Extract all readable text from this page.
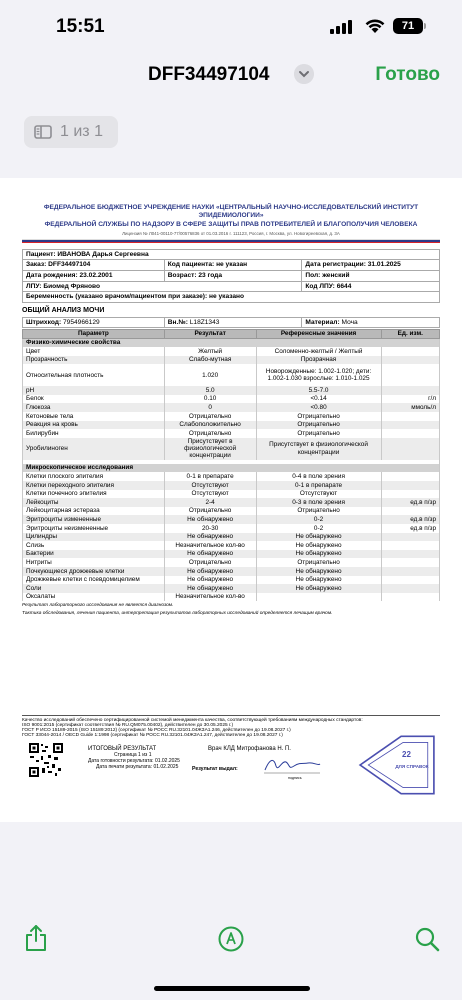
15:51	71
DFF34497104	Готово
1 из 1
ФЕДЕРАЛЬНОЕ БЮДЖЕТНОЕ УЧРЕЖДЕНИЕ НАУКИ «ЦЕНТРАЛЬНЫЙ НАУЧНО-ИССЛЕДОВАТЕЛЬСКИЙ ИНСТИТУТ ЭПИДЕМИОЛОГИИ»
ФЕДЕРАЛЬНОЙ СЛУЖБЫ ПО НАДЗОРУ В СФЕРЕ ЗАЩИТЫ ПРАВ ПОТРЕБИТЕЛЕЙ И БЛАГОПОЛУЧИЯ ЧЕЛОВЕКА
Лицензия № Л041-00110-77/00576836 от 01.03.2016 г. 111123, Россия, г. Москва, ул. Новогиреевская, д. 3А
Пациент: ИВАНОВА Дарья Сергеевна		
Заказ: DFF34497104	Код пациента: не указан	Дата регистрации: 31.01.2025
Дата рождения: 23.02.2001	Возраст: 23 года	Пол: женский
ЛПУ: Биомед Фряново		Код ЛПУ: 6644
Беременность (указано врачом/пациентом при заказе): не указано		
ОБЩИЙ АНАЛИЗ МОЧИ
Штрихкод: 7954966129	Вн.№: L18Z1343	Материал: Моча
Параметр	Результат	Референсные значения	Ед. изм.
Физико-химические свойства			
Цвет	Желтый	Соломенно-желтый / Желтый	
Прозрачность	Слабо-мутная	Прозрачная	
Относительная плотность	1.020	Новорожденные: 1.002-1.020; дети: 1.002-1.030 взрослые: 1.010-1.025	
pH	5.0	5.5-7.0	
Белок	0.10	<0.14	г/л
Глюкоза	0	<0.80	ммоль/л
Кетоновые тела	Отрицательно	Отрицательно	
Реакция на кровь	Слабоположительно	Отрицательно	
Билирубин	Отрицательно	Отрицательно	
Уробилиноген	Присутствует в физиологической концентрации	Присутствует в физиологической концентрации	

Микроскопическое исследования			
Клетки плоского эпителия	0-1 в препарате	0-4 в поле зрения	
Клетки переходного эпителия	Отсутствуют	0-1 в препарате	
Клетки почечного эпителия	Отсутствуют	Отсутствуют	
Лейкоциты	2-4	0-3 в поле зрения	ед.в п/зр
Лейкоцитарная эстераза	Отрицательно	Отрицательно	
Эритроциты измененные	Не обнаружено	0-2	ед.в п/зр
Эритроциты неизмененные	20-30	0-2	ед.в п/зр
Цилиндры	Не обнаружено	Не обнаружено	
Слизь	Незначительное кол-во	Не обнаружено	
Бактерии	Не обнаружено	Не обнаружено	
Нитриты	Отрицательно	Отрицательно	
Почкующиеся дрожжевые клетки	Не обнаружено	Не обнаружено	
Дрожжевые клетки с псевдомицелием	Не обнаружено	Не обнаружено	
Соли	Не обнаружено	Не обнаружено	
Оксалаты	Незначительное кол-во		
Результат лабораторного исследования не является диагнозом.
Тактика обследования, лечения пациента, интерпретация результатов лабораторных исследований определяется лечащим врачом.
Качество исследований обеспечено сертифицированной системой менеджмента качества, соответствующей требованиям международных стандартов:
ISO 9001:2015 (сертификат соответствия № RU.QM075.00402), действителен до 30.05.2025 г.)
ГОСТ Р ИСО 15189-2015 (ISO 15189:2012) (сертификат № РОСС RU.32101.04ЖЗА1.246, действителен до 19.08.2027 г.)
ГОСТ 33044-2014 / OECD Guide 1:1998 (сертификат № РОСС RU.32101.04ЖЗА1.247, действителен до 19.08.2027 г.)
ИТОГОВЫЙ РЕЗУЛЬТАТ
Страница 1 из 1
Дата готовности результата: 01.02.2025
Дата печати результата: 01.02.2025
Врач КЛД Митрофанова Н. П.
Результат выдал:
подпись
22
ДЛЯ СПРАВОК
